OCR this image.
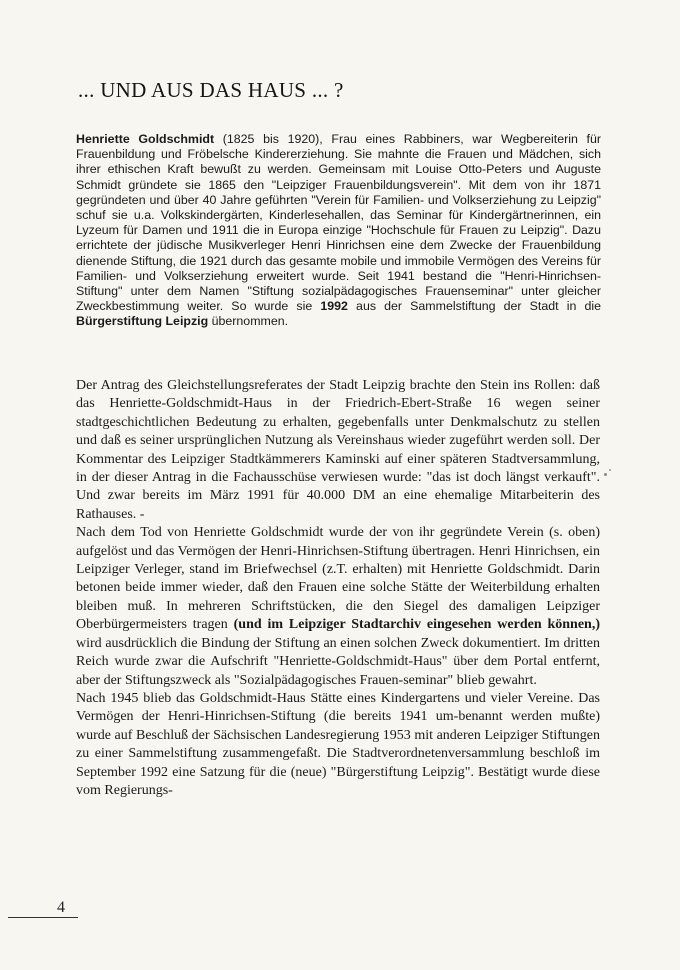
... UND AUS DAS HAUS ... ?
Henriette Goldschmidt (1825 bis 1920), Frau eines Rabbiners, war Wegbereiterin für Frauenbildung und Fröbelsche Kindererziehung. Sie mahnte die Frauen und Mädchen, sich ihrer ethischen Kraft bewußt zu werden. Gemeinsam mit Louise Otto-Peters und Auguste Schmidt gründete sie 1865 den "Leipziger Frauenbildungsverein". Mit dem von ihr 1871 gegründeten und über 40 Jahre geführten "Verein für Familien- und Volkserziehung zu Leipzig" schuf sie u.a. Volkskindergärten, Kinderlesehallen, das Seminar für Kindergärtnerinnen, ein Lyzeum für Damen und 1911 die in Europa einzige "Hochschule für Frauen zu Leipzig". Dazu errichtete der jüdische Musikverleger Henri Hinrichsen eine dem Zwecke der Frauenbildung dienende Stiftung, die 1921 durch das gesamte mobile und immobile Vermögen des Vereins für Familien- und Volkserziehung erweitert wurde. Seit 1941 bestand die "Henri-Hinrichsen-Stiftung" unter dem Namen "Stiftung sozialpädagogisches Frauenseminar" unter gleicher Zweckbestimmung weiter. So wurde sie 1992 aus der Sammelstiftung der Stadt in die Bürgerstiftung Leipzig übernommen.

Der Antrag des Gleichstellungsreferates der Stadt Leipzig brachte den Stein ins Rollen: daß das Henriette-Goldschmidt-Haus in der Friedrich-Ebert-Straße 16 wegen seiner stadtgeschichtlichen Bedeutung zu erhalten, gegebenfalls unter Denkmalschutz zu stellen und daß es seiner ursprünglichen Nutzung als Vereinshaus wieder zugeführt werden soll. Der Kommentar des Leipziger Stadtkämmerers Kaminski auf einer späteren Stadtversammlung, in der dieser Antrag in die Fachausschüse verwiesen wurde: "das ist doch längst verkauft". Und zwar bereits im März 1991 für 40.000 DM an eine ehemalige Mitarbeiterin des Rathauses. -

Nach dem Tod von Henriette Goldschmidt wurde der von ihr gegründete Verein (s. oben) aufgelöst und das Vermögen der Henri-Hinrichsen-Stiftung übertragen. Henri Hinrichsen, ein Leipziger Verleger, stand im Briefwechsel (z.T. erhalten) mit Henriette Goldschmidt. Darin betonen beide immer wieder, daß den Frauen eine solche Stätte der Weiterbildung erhalten bleiben muß. In mehreren Schriftstücken, die den Siegel des damaligen Leipziger Oberbürgermeisters tragen (und im Leipziger Stadtarchiv eingesehen werden können,) wird ausdrücklich die Bindung der Stiftung an einen solchen Zweck dokumentiert. Im dritten Reich wurde zwar die Aufschrift "Henriette-Goldschmidt-Haus" über dem Portal entfernt, aber der Stiftungszweck als "Sozialpädagogisches Frauen-seminar" blieb gewahrt.

Nach 1945 blieb das Goldschmidt-Haus Stätte eines Kindergartens und vieler Vereine. Das Vermögen der Henri-Hinrichsen-Stiftung (die bereits 1941 um-benannt werden mußte) wurde auf Beschluß der Sächsischen Landesregierung 1953 mit anderen Leipziger Stiftungen zu einer Sammelstiftung zusammengefaßt. Die Stadtverordnetenversammlung beschloß im September 1992 eine Satzung für die (neue) "Bürgerstiftung Leipzig". Bestätigt wurde diese vom Regierungs-

4
